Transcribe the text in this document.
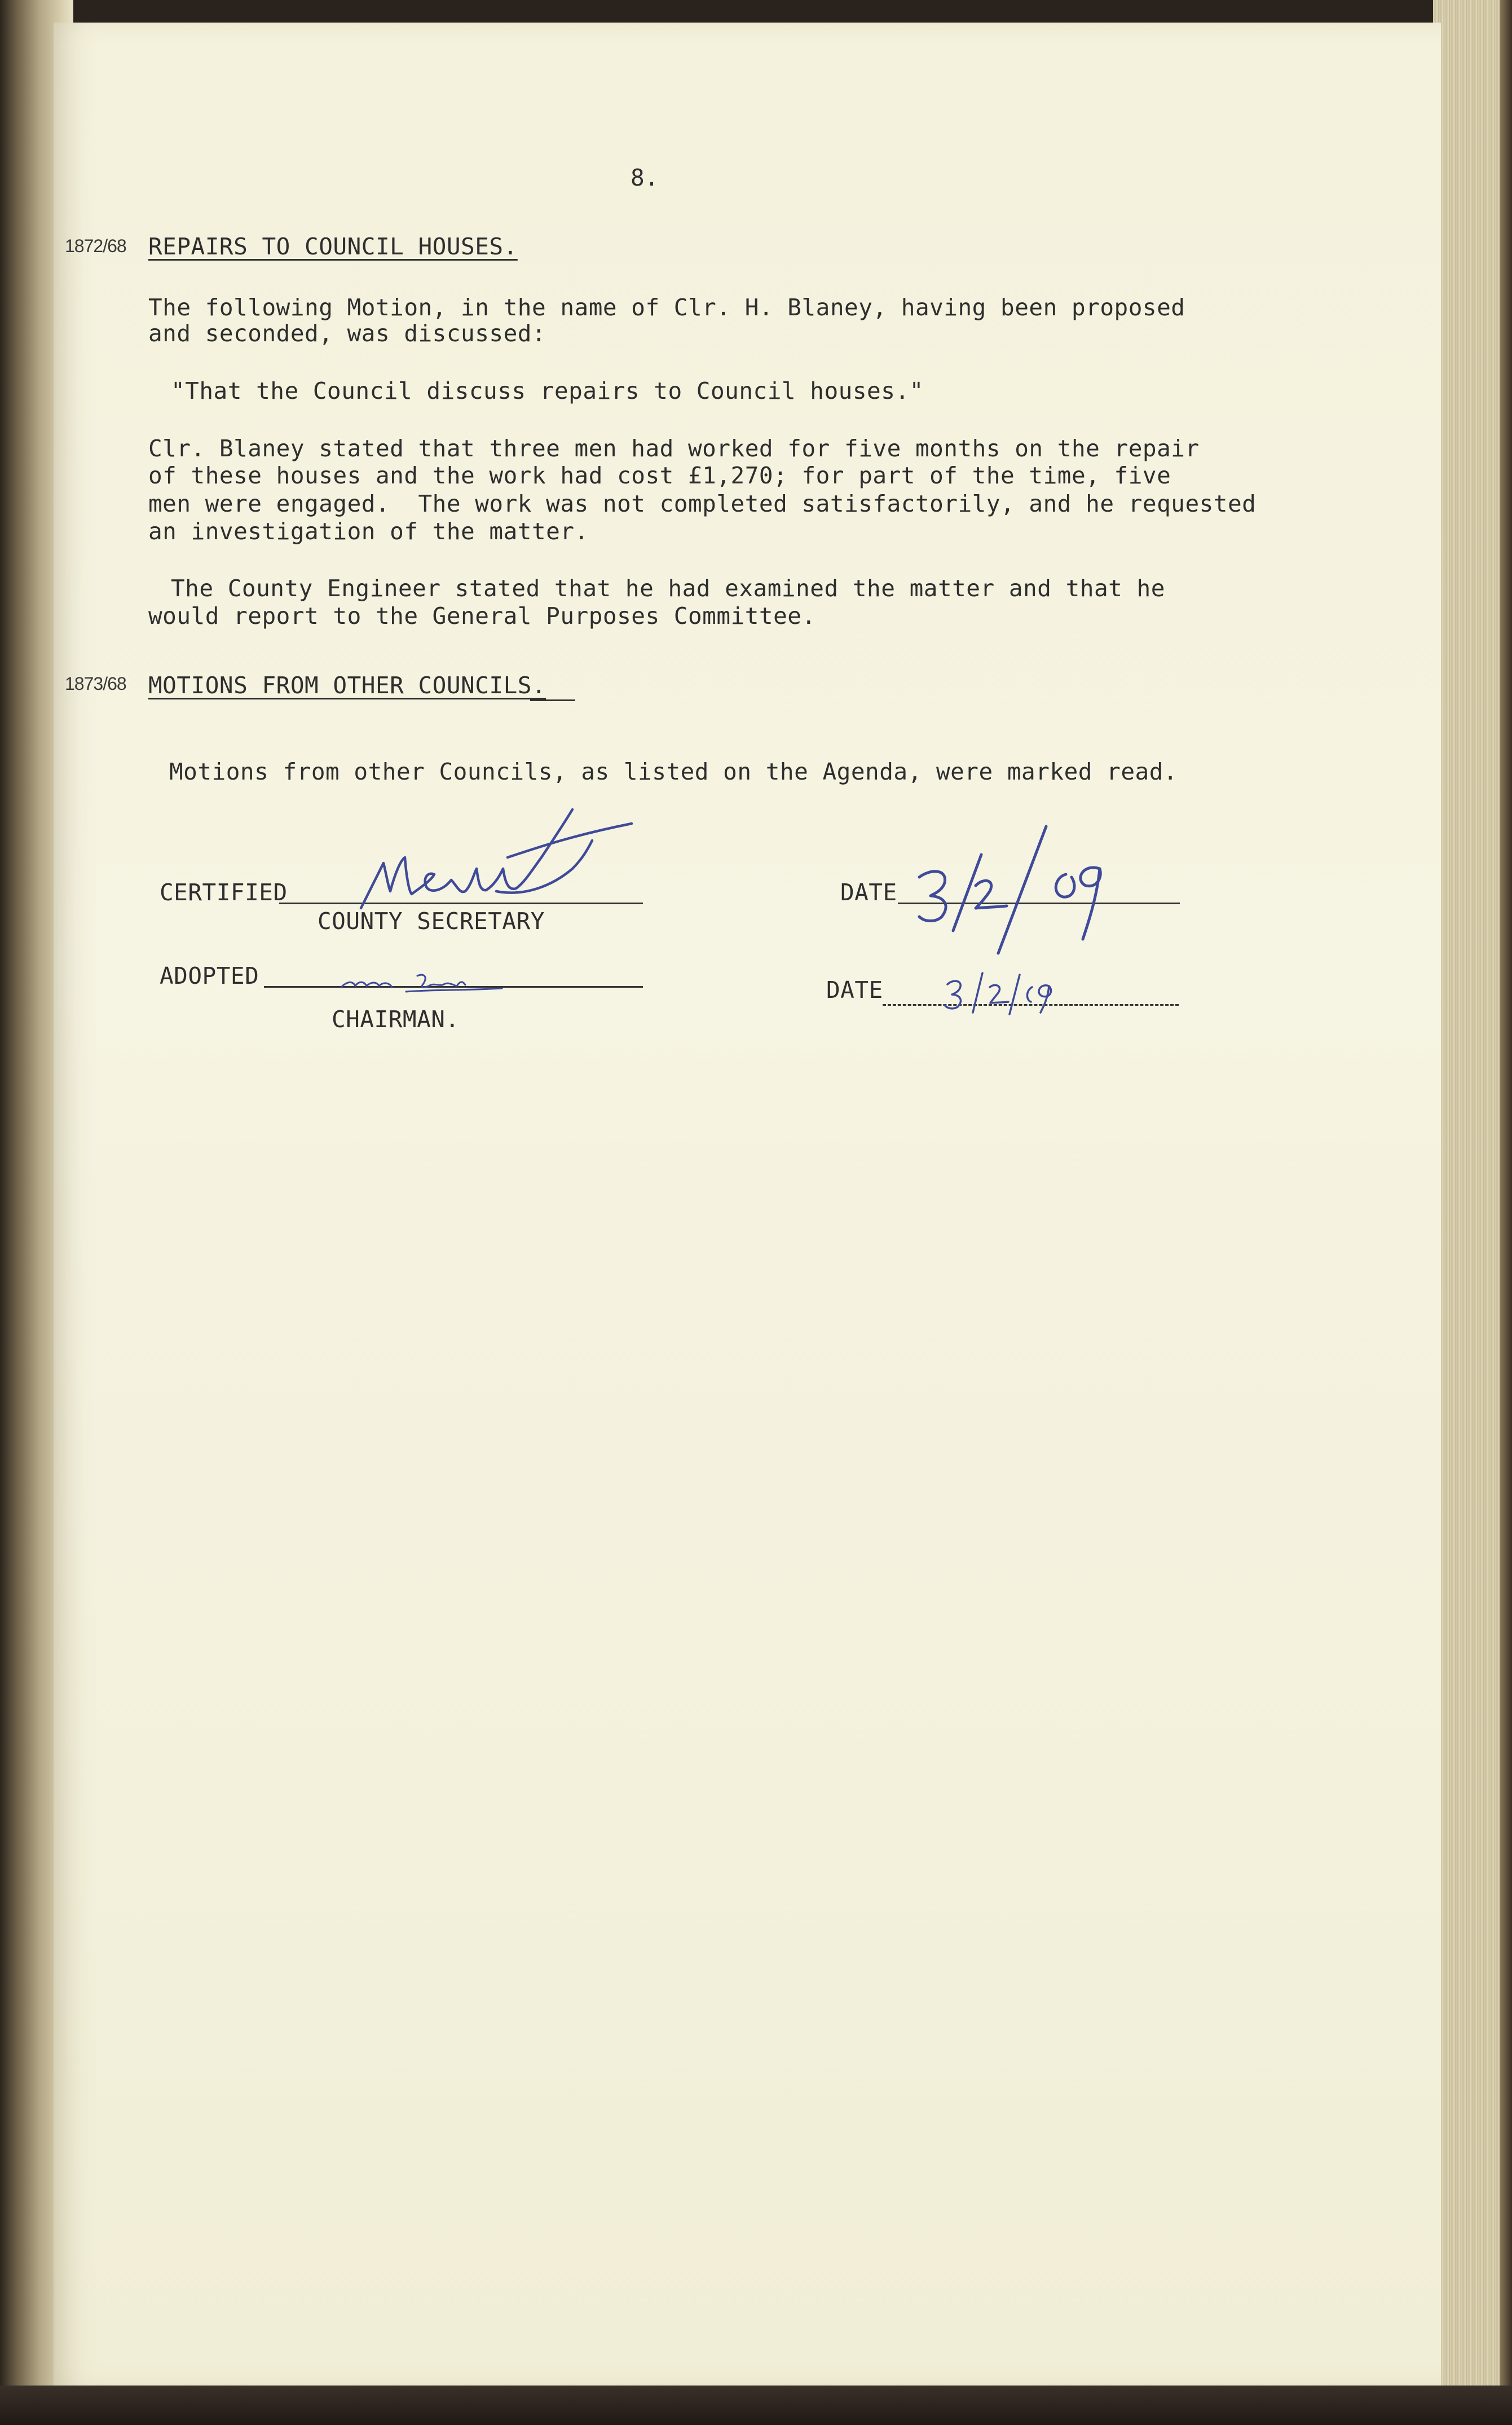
8.
1872/68 REPAIRS TO COUNCIL HOUSES.
The following Motion, in the name of Clr. H. Blaney, having been proposed
and seconded, was discussed:
"That the Council discuss repairs to Council houses."
Clr. Blaney stated that three men had worked for five months on the repair
of these houses and the work had cost £1,270; for part of the time, five
men were engaged.  The work was not completed satisfactorily, and he requested
an investigation of the matter.
The County Engineer stated that he had examined the matter and that he
would report to the General Purposes Committee.
1873/68 MOTIONS FROM OTHER COUNCILS.
Motions from other Councils, as listed on the Agenda, were marked read.
CERTIFIED
COUNTY SECRETARY
ADOPTED
CHAIRMAN.
DATE
DATE
